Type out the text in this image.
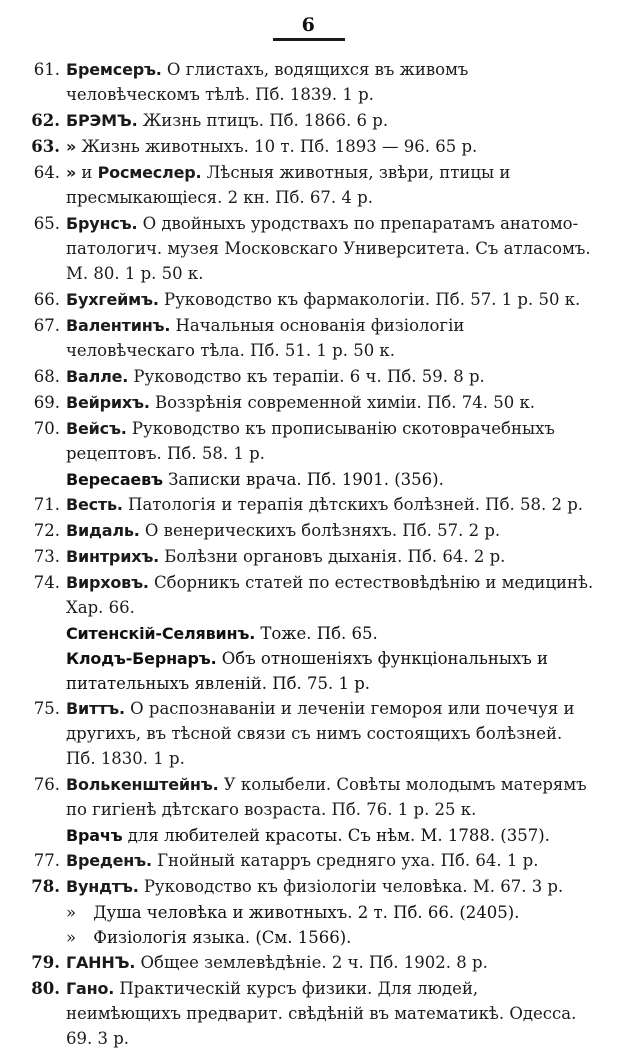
6
61. Бремсеръ. О глистахъ, водящихся въ живомъ человѣческомъ тѣлѣ. Пб. 1839. 1 р.
62. БРЭМЪ. Жизнь птицъ. Пб. 1866. 6 р.
63. » Жизнь животныхъ. 10 т. Пб. 1893 — 96. 65 р.
64. » и Росмеслер. Лѣсныя животныя, звѣри, птицы и пресмыкающiеся. 2 кн. Пб. 67. 4 р.
65. Брунсъ. О двойныхъ уродствахъ по препаратамъ анатомо-патологич. музея Московскаго Университета. Съ атласомъ. М. 80. 1 р. 50 к.
66. Бухгеймъ. Руководство къ фармакологiи. Пб. 57. 1 р. 50 к.
67. Валентинъ. Начальныя основанiя физiологiи человѣческаго тѣла. Пб. 51. 1 р. 50 к.
68. Валле. Руководство къ терапiи. 6 ч. Пб. 59. 8 р.
69. Вейрихъ. Воззрѣнiя современной химiи. Пб. 74. 50 к.
70. Вейсъ. Руководство къ прописыванiю скотоврачебныхъ рецептовъ. Пб. 58. 1 р.
Вересаевъ Записки врача. Пб. 1901. (356).
71. Весть. Патологiя и терапiя дѣтскихъ болѣзней. Пб. 58. 2 р.
72. Видаль. О венерическихъ болѣзняхъ. Пб. 57. 2 р.
73. Винтрихъ. Болѣзни органовъ дыханiя. Пб. 64. 2 р.
74. Вирховъ. Сборникъ статей по естествовѣдѣнiю и медицинѣ. Хар. 66.
Ситенскiй-Селявинъ. Тоже. Пб. 65.
Клодъ-Бернаръ. Объ отношенiяхъ функцiональныхъ и питательныхъ явленiй. Пб. 75. 1 р.
75. Виттъ. О распознаванiи и леченiи гемороя или почечуя и другихъ, въ тѣсной связи съ нимъ состоящихъ болѣзней. Пб. 1830. 1 р.
76. Волькенштейнъ. У колыбели. Совѣты молодымъ матерямъ по гигiенѣ дѣтскаго возраста. Пб. 76. 1 р. 25 к.
Врачъ для любителей красоты. Съ нѣм. М. 1788. (357).
77. Вреденъ. Гнойный катарръ средняго уха. Пб. 64. 1 р.
78. Вундтъ. Руководство къ физiологiи человѣка. М. 67. 3 р.
» Душа человѣка и животныхъ. 2 т. Пб. 66. (2405).
» Физiологiя языка. (См. 1566).
79. ГАННЪ. Общее землевѣдѣнiе. 2 ч. Пб. 1902. 8 р.
80. Гано. Практическiй курсъ физики. Для людей, неимѣющихъ предварит. свѣдѣнiй въ математикѣ. Одесса. 69. 3 р.
